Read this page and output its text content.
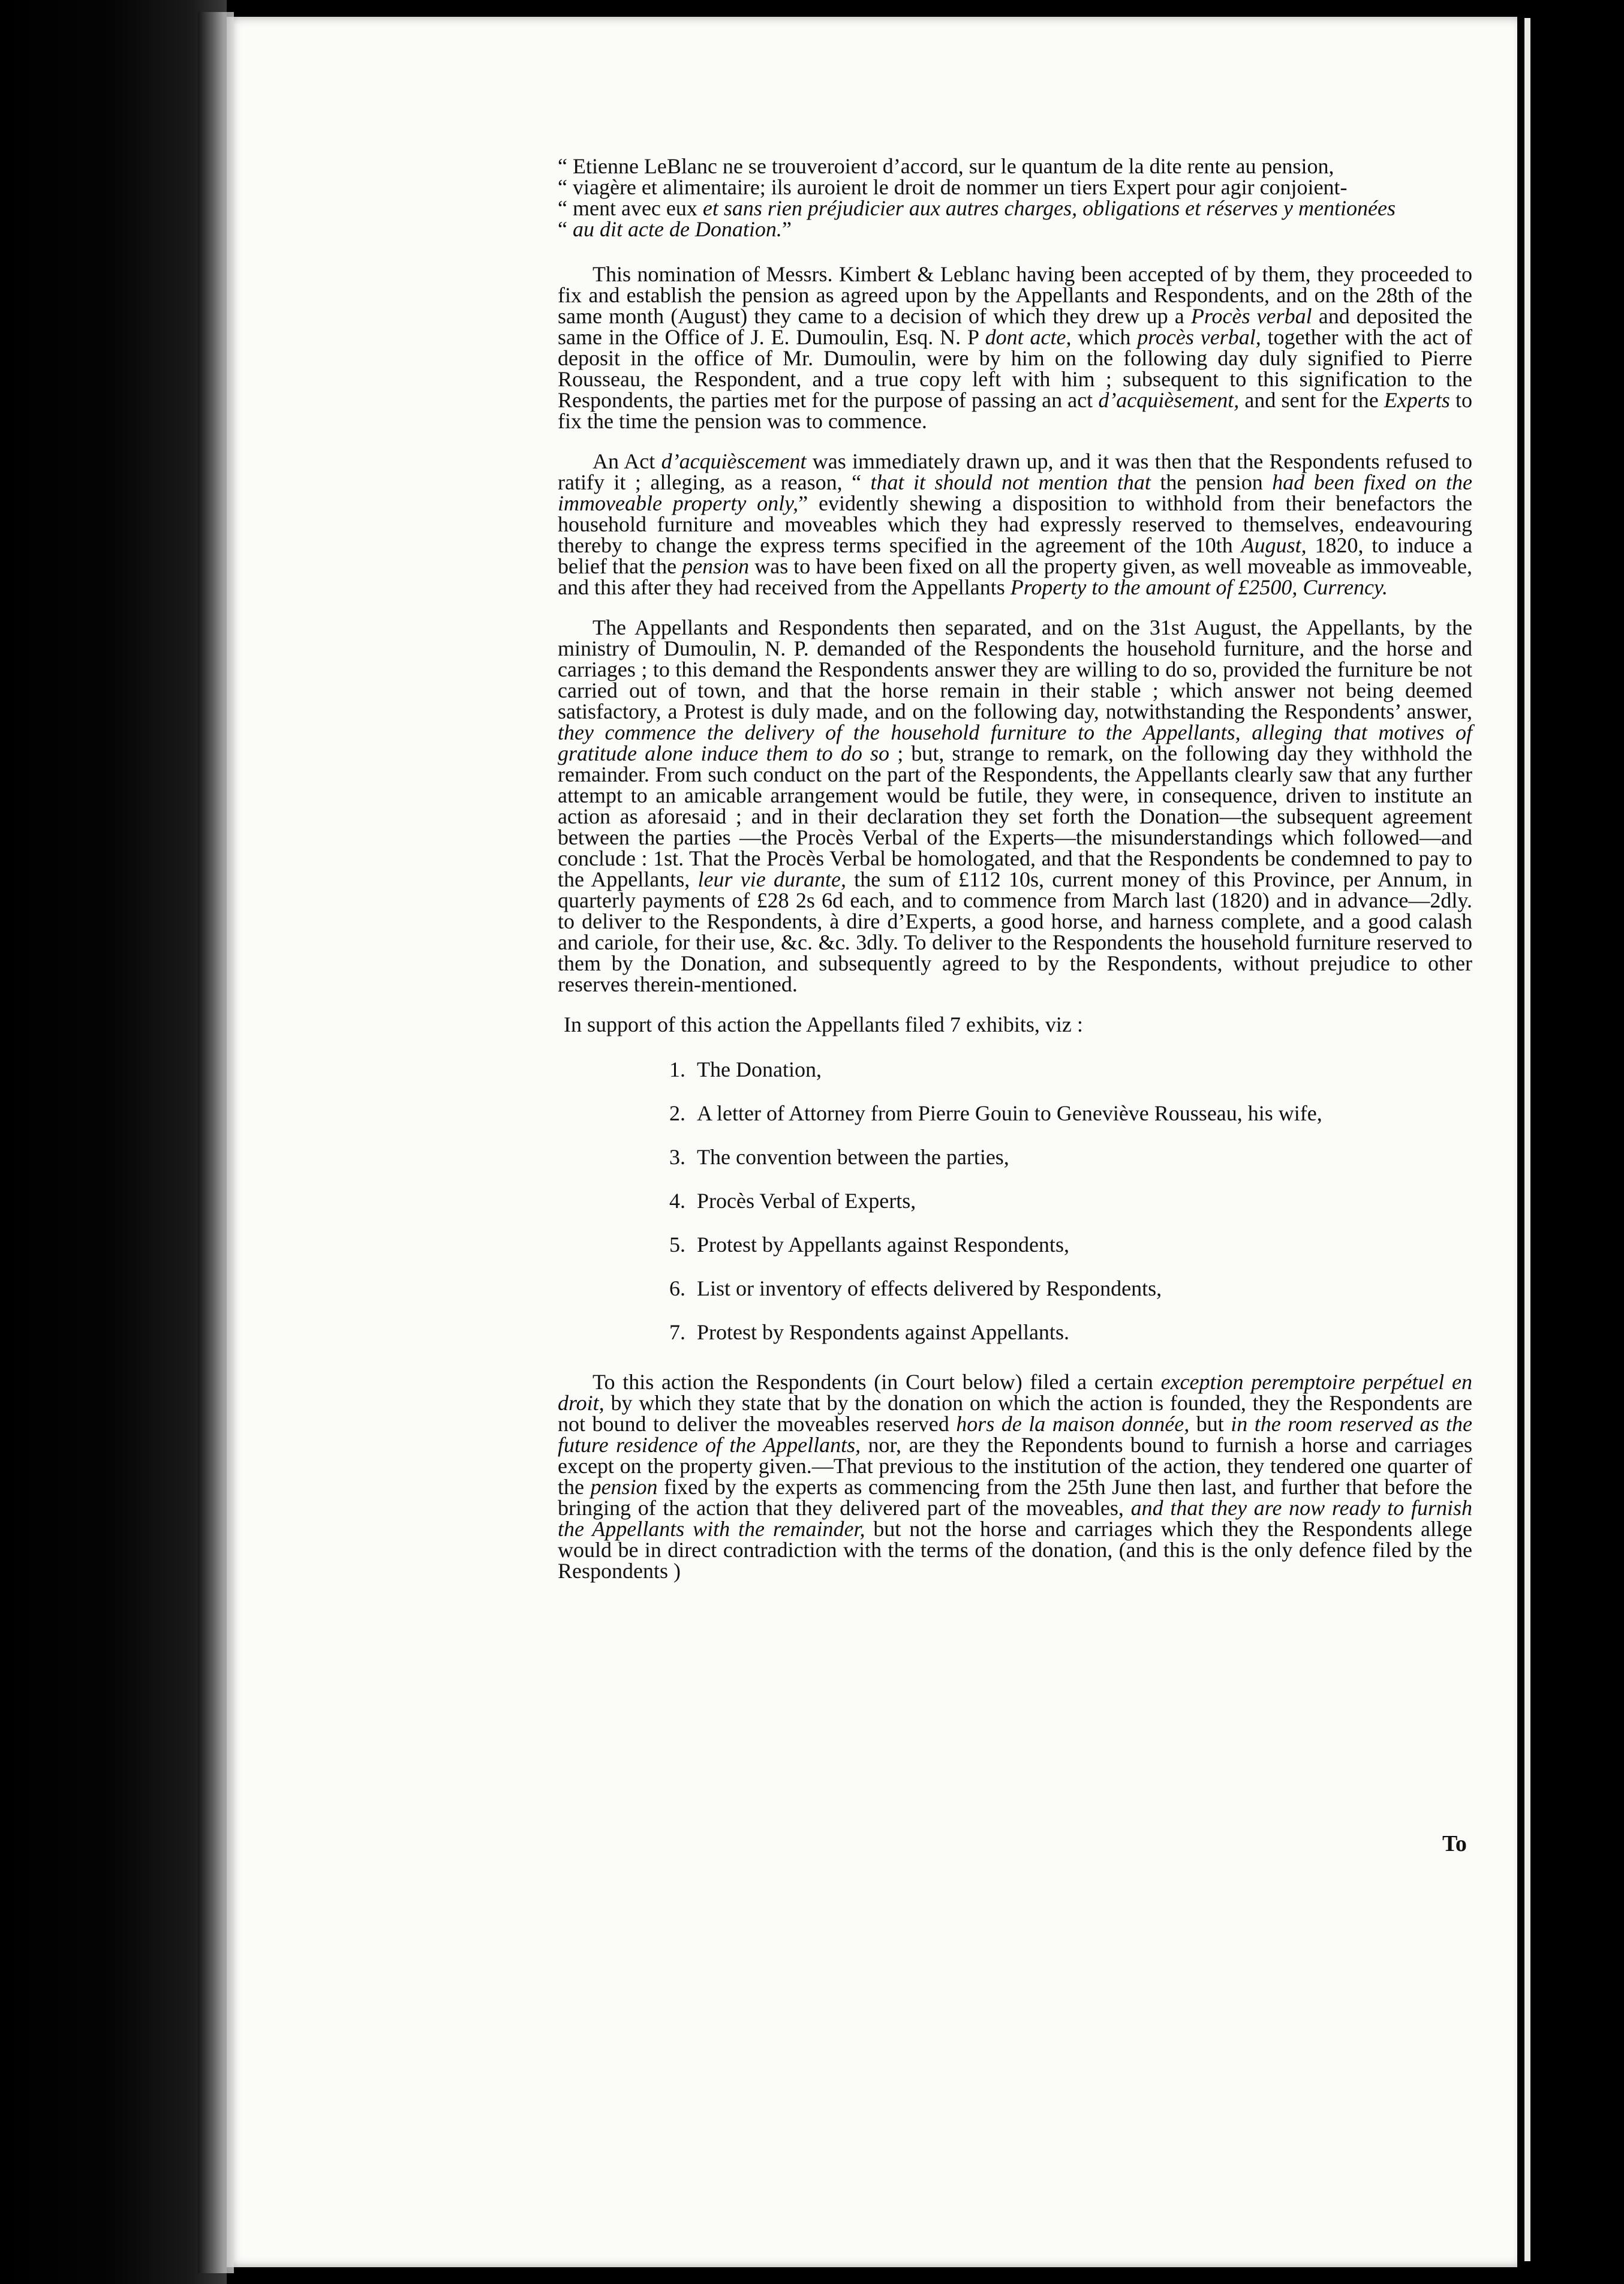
“ Etienne LeBlanc ne se trouveroient d’accord, sur le quantum de la dite rente au pension,
“ viagère et alimentaire; ils auroient le droit de nommer un tiers Expert pour agir conjoient-
“ ment avec eux et sans rien préjudicier aux autres charges, obligations et réserves y mentionées
“ au dit acte de Donation.”

This nomination of Messrs. Kimbert & Leblanc having been accepted of by them, they proceeded to fix and establish the pension as agreed upon by the Appellants and Respondents, and on the 28th of the same month (August) they came to a decision of which they drew up a Procès verbal and deposited the same in the Office of J. E. Dumoulin, Esq. N. P dont acte, which procès verbal, together with the act of deposit in the office of Mr. Dumoulin, were by him on the following day duly signified to Pierre Rousseau, the Respondent, and a true copy left with him ; subsequent to this signification to the Respondents, the parties met for the purpose of passing an act d’acquièsement, and sent for the Experts to fix the time the pension was to commence.

An Act d’acquièscement was immediately drawn up, and it was then that the Respondents refused to ratify it ; alleging, as a reason, “ that it should not mention that the pension had been fixed on the immoveable property only,” evidently shewing a disposition to withhold from their benefactors the household furniture and moveables which they had expressly reserved to themselves, endeavouring thereby to change the express terms specified in the agreement of the 10th August, 1820, to induce a belief that the pension was to have been fixed on all the property given, as well moveable as immoveable, and this after they had received from the Appellants Property to the amount of £2500, Currency.

The Appellants and Respondents then separated, and on the 31st August, the Appellants, by the ministry of Dumoulin, N. P. demanded of the Respondents the household furniture, and the horse and carriages ; to this demand the Respondents answer they are willing to do so, provided the furniture be not carried out of town, and that the horse remain in their stable ; which answer not being deemed satisfactory, a Protest is duly made, and on the following day, notwithstanding the Respondents’ answer, they commence the delivery of the household furniture to the Appellants, alleging that motives of gratitude alone induce them to do so ; but, strange to remark, on the following day they withhold the remainder. From such conduct on the part of the Respondents, the Appellants clearly saw that any further attempt to an amicable arrangement would be futile, they were, in consequence, driven to institute an action as aforesaid ; and in their declaration they set forth the Donation—the subsequent agreement between the parties —the Procès Verbal of the Experts—the misunderstandings which followed—and conclude : 1st. That the Procès Verbal be homologated, and that the Respondents be condemned to pay to the Appellants, leur vie durante, the sum of £112 10s, current money of this Province, per Annum, in quarterly payments of £28 2s 6d each, and to commence from March last (1820) and in advance—2dly. to deliver to the Respondents, à dire d’Experts, a good horse, and harness complete, and a good calash and cariole, for their use, &c. &c. 3dly. To deliver to the Respondents the household furniture reserved to them by the Donation, and subsequently agreed to by the Respondents, without prejudice to other reserves therein-mentioned.

In support of this action the Appellants filed 7 exhibits, viz :

1. The Donation,
2. A letter of Attorney from Pierre Gouin to Geneviève Rousseau, his wife,
3. The convention between the parties,
4. Procès Verbal of Experts,
5. Protest by Appellants against Respondents,
6. List or inventory of effects delivered by Respondents,
7. Protest by Respondents against Appellants.

To this action the Respondents (in Court below) filed a certain exception peremptoire perpétuel en droit, by which they state that by the donation on which the action is founded, they the Respondents are not bound to deliver the moveables reserved hors de la maison donnée, but in the room reserved as the future residence of the Appellants, nor, are they the Repondents bound to furnish a horse and carriages except on the property given.—That previous to the institution of the action, they tendered one quarter of the pension fixed by the experts as commencing from the 25th June then last, and further that before the bringing of the action that they delivered part of the moveables, and that they are now ready to furnish the Appellants with the remainder, but not the horse and carriages which they the Respondents allege would be in direct contradiction with the terms of the donation, (and this is the only defence filed by the Respondents )

To
